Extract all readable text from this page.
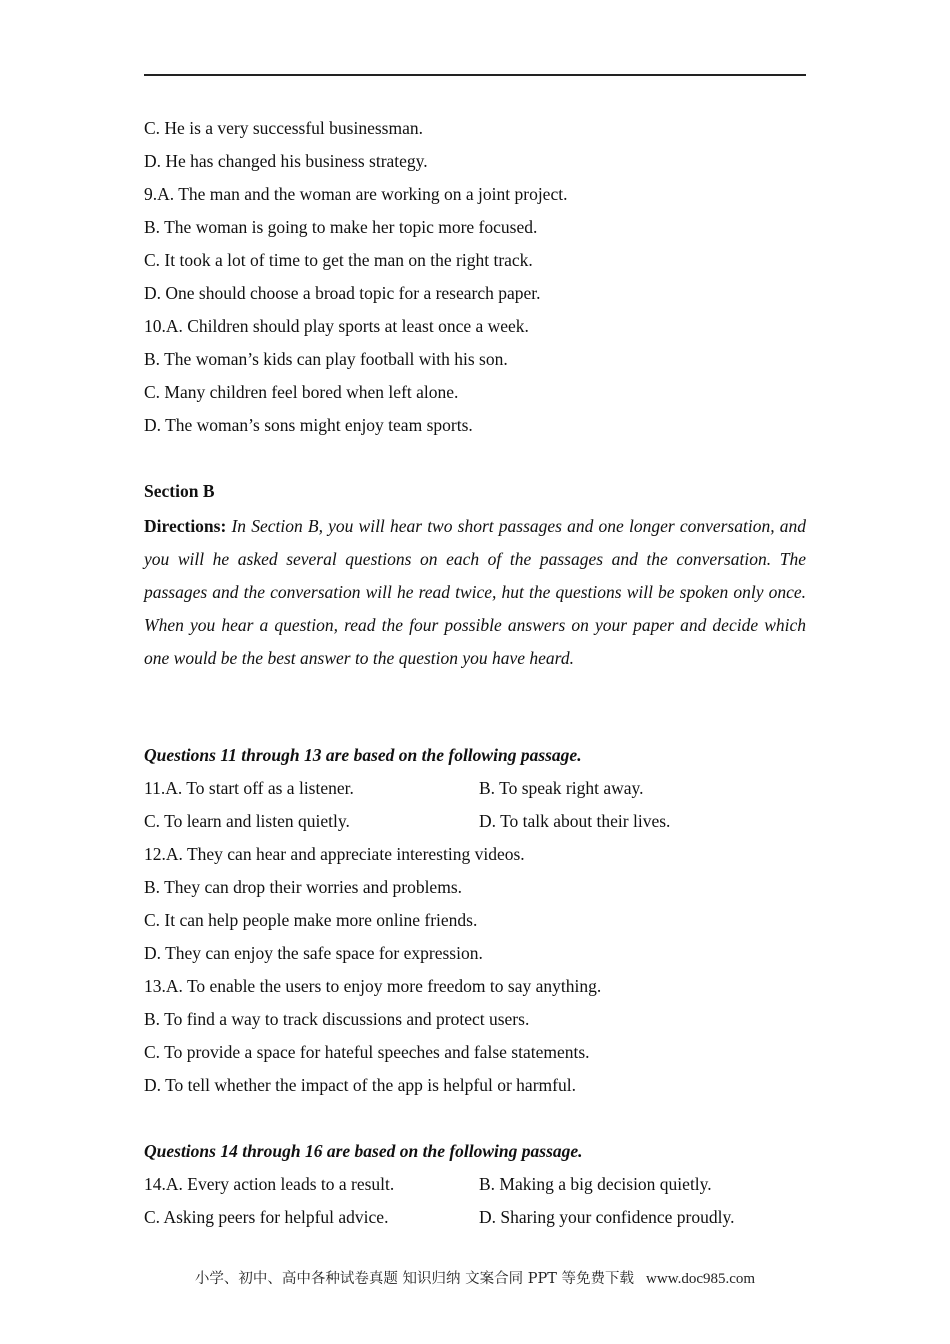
C. He is a very successful businessman.
D. He has changed his business strategy.
9.A. The man and the woman are working on a joint project.
B. The woman is going to make her topic more focused.
C. It took a lot of time to get the man on the right track.
D. One should choose a broad topic for a research paper.
10.A. Children should play sports at least once a week.
B. The woman’s kids can play football with his son.
C. Many children feel bored when left alone.
D. The woman’s sons might enjoy team sports.
Section B
Directions: In Section B, you will hear two short passages and one longer conversation, and you will he asked several questions on each of the passages and the conversation. The passages and the conversation will he read twice, hut the questions will be spoken only once. When you hear a question, read the four possible answers on your paper and decide which one would be the best answer to the question you have heard.
Questions 11 through 13 are based on the following passage.
11.A. To start off as a listener.	B. To speak right away.
C. To learn and listen quietly.	D. To talk about their lives.
12.A. They can hear and appreciate interesting videos.
B. They can drop their worries and problems.
C. It can help people make more online friends.
D. They can enjoy the safe space for expression.
13.A. To enable the users to enjoy more freedom to say anything.
B. To find a way to track discussions and protect users.
C. To provide a space for hateful speeches and false statements.
D. To tell whether the impact of the app is helpful or harmful.
Questions 14 through 16 are based on the following passage.
14.A. Every action leads to a result.	B. Making a big decision quietly.
C. Asking peers for helpful advice.	D. Sharing your confidence proudly.
小学、初中、高中各种试卷真题 知识归纳 文案合同 PPT 等免费下载 www.doc985.com
